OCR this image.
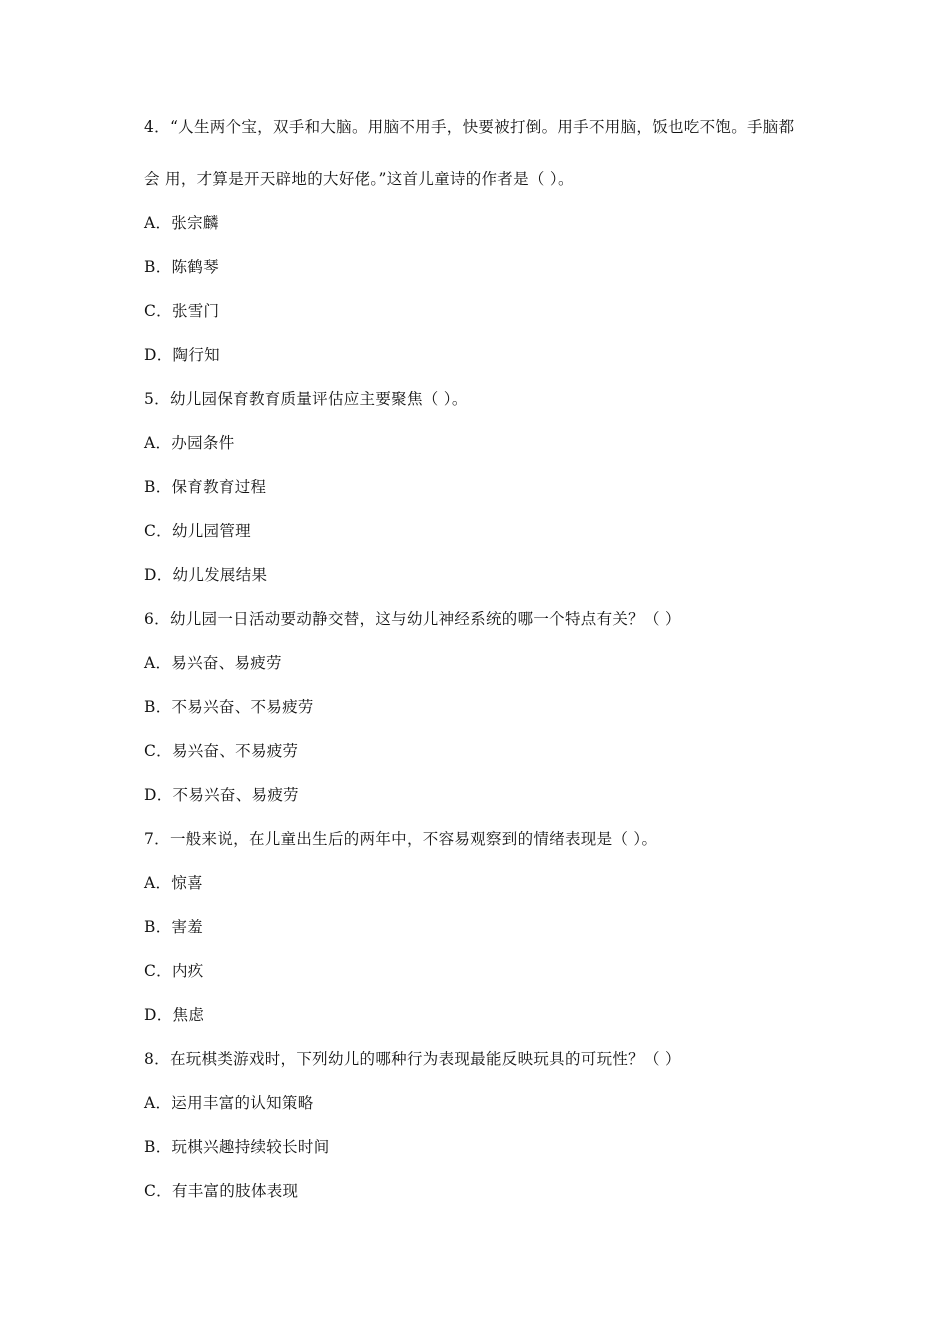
4．“人生两个宝，双手和大脑。用脑不用手，快要被打倒。用手不用脑，饭也吃不饱。手脑都
会 用，才算是开天辟地的大好佬。”这首儿童诗的作者是（ ）。
A．张宗麟
B．陈鹤琴
C．张雪门
D．陶行知
5．幼儿园保育教育质量评估应主要聚焦（ ）。
A．办园条件
B．保育教育过程
C．幼儿园管理
D．幼儿发展结果
6．幼儿园一日活动要动静交替，这与幼儿神经系统的哪一个特点有关？（ ）
A．易兴奋、易疲劳
B．不易兴奋、不易疲劳
C．易兴奋、不易疲劳
D．不易兴奋、易疲劳
7．一般来说，在儿童出生后的两年中，不容易观察到的情绪表现是（ ）。
A．惊喜
B．害羞
C．内疚
D．焦虑
8．在玩棋类游戏时，下列幼儿的哪种行为表现最能反映玩具的可玩性？（ ）
A．运用丰富的认知策略
B．玩棋兴趣持续较长时间
C．有丰富的肢体表现
